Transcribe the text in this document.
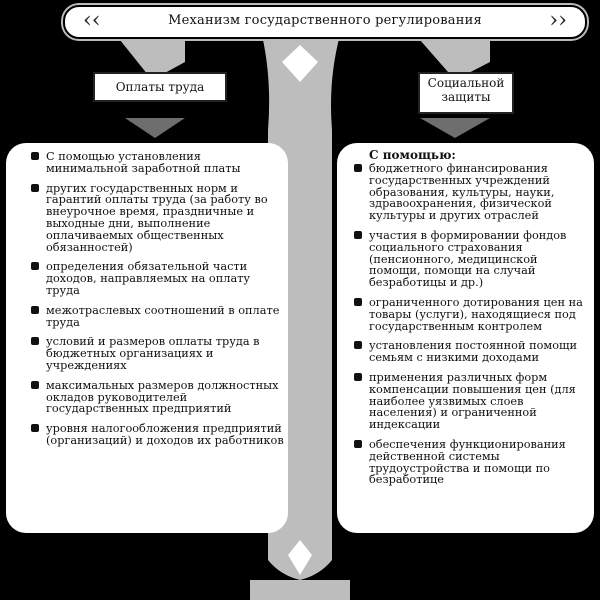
‹‹	Механизм государственного регулирования	››
Оплаты труда	Социальной защиты
С помощью установления минимальной заработной платы
других государственных норм и гарантий оплаты труда (за работу во внеурочное время, праздничные и выходные дни, выполнение оплачиваемых общественных обязанностей)
определения обязательной части доходов, направляемых на оплату труда
межотраслевых соотношений в оплате труда
условий и размеров оплаты труда в бюджетных организациях и учреждениях
максимальных размеров должностных окладов руководителей государственных предприятий
уровня налогообложения предприятий (организаций) и доходов их работников
С помощью:
бюджетного финансирования государственных учреждений образования, культуры, науки, здравоохранения, физической культуры и других отраслей
участия в формировании фондов социального страхования (пенсионного, медицинской помощи, помощи на случай безработицы и др.)
ограниченного дотирования цен на товары (услуги), находящиеся под государственным контролем
установления постоянной помощи семьям с низкими доходами
применения различных форм компенсации повышения цен (для наиболее уязвимых слоев населения) и ограниченной индексации
обеспечения функционирования действенной системы трудоустройства и помощи по безработице
